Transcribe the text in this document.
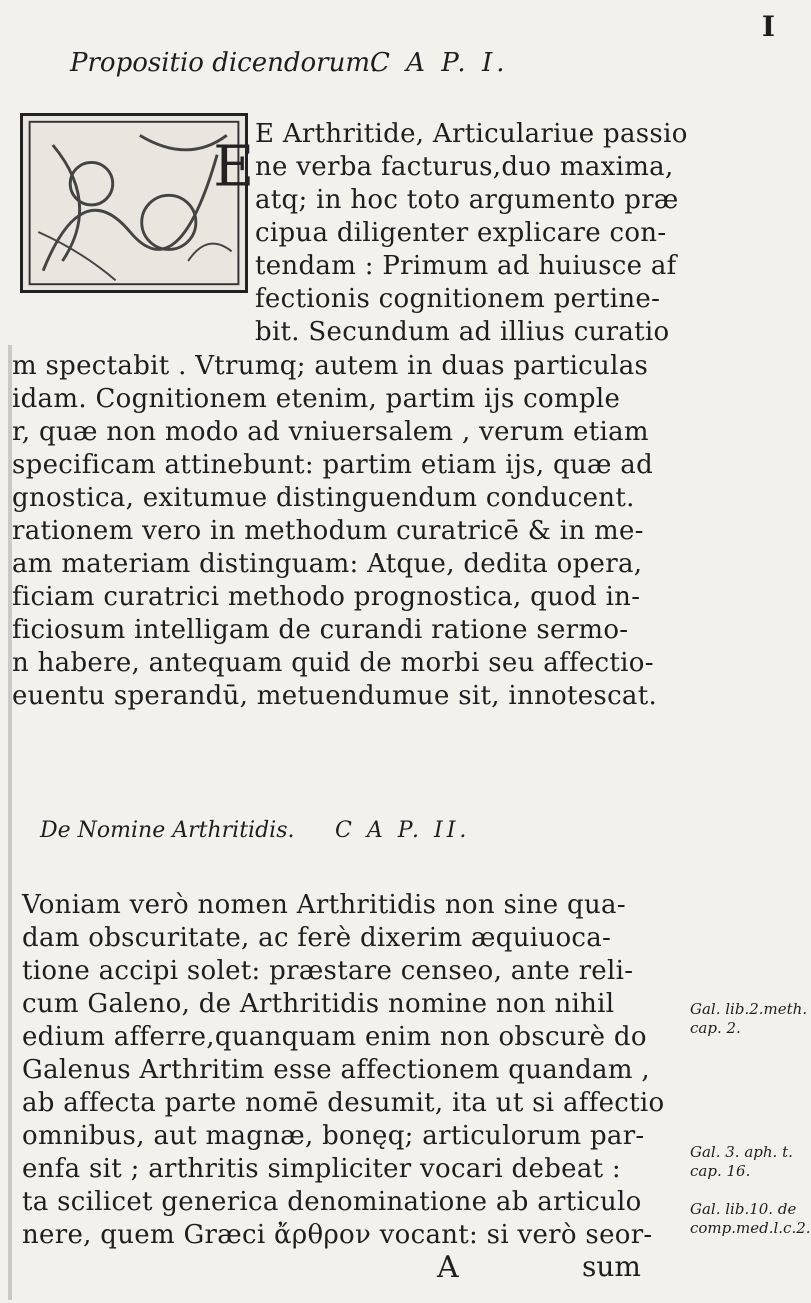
Propositio dicendorum.
C A P. I.
I
E
E Arthritide, Articulariue passio
ne verba facturus,duo maxima,
atq; in hoc toto argumento præ
cipua diligenter explicare con-
tendam : Primum ad huiusce af
fectionis cognitionem pertine-
bit. Secundum ad illius curatio
m spectabit . Vtrumq; autem in duas particulas
idam. Cognitionem etenim, partim ijs comple
r, quæ non modo ad vniuersalem , verum etiam
specificam attinebunt: partim etiam ijs, quæ ad
gnostica, exitumue distinguendum conducent.
rationem vero in methodum curatricē & in me-
am materiam distinguam: Atque, dedita opera,
ficiam curatrici methodo prognostica, quod in-
ficiosum intelligam de curandi ratione sermo-
n habere, antequam quid de morbi seu affectio-
euentu sperandū, metuendumue sit, innotescat.
De Nomine Arthritidis. C A P. II.
Voniam verò nomen Arthritidis non sine qua-
dam obscuritate, ac ferè dixerim æquiuoca-
tione accipi solet: præstare censeo, ante reli-
cum Galeno, de Arthritidis nomine non nihil
edium afferre,quanquam enim non obscurè do
Galenus Arthritim esse affectionem quandam ,
ab affecta parte nomē desumit, ita ut si affectio
omnibus, aut magnæ, bonęq; articulorum par-
enfa sit ; arthritis simpliciter vocari debeat :
ta scilicet generica denominatione ab articulo
nere, quem Græci ἄρθρον vocant: si verò seor-
Gal. lib.2.meth.
cap. 2.
Gal. 3. aph. t.
cap. 16.
Gal. lib.10. de
comp.med.l.c.2.
A	sum
